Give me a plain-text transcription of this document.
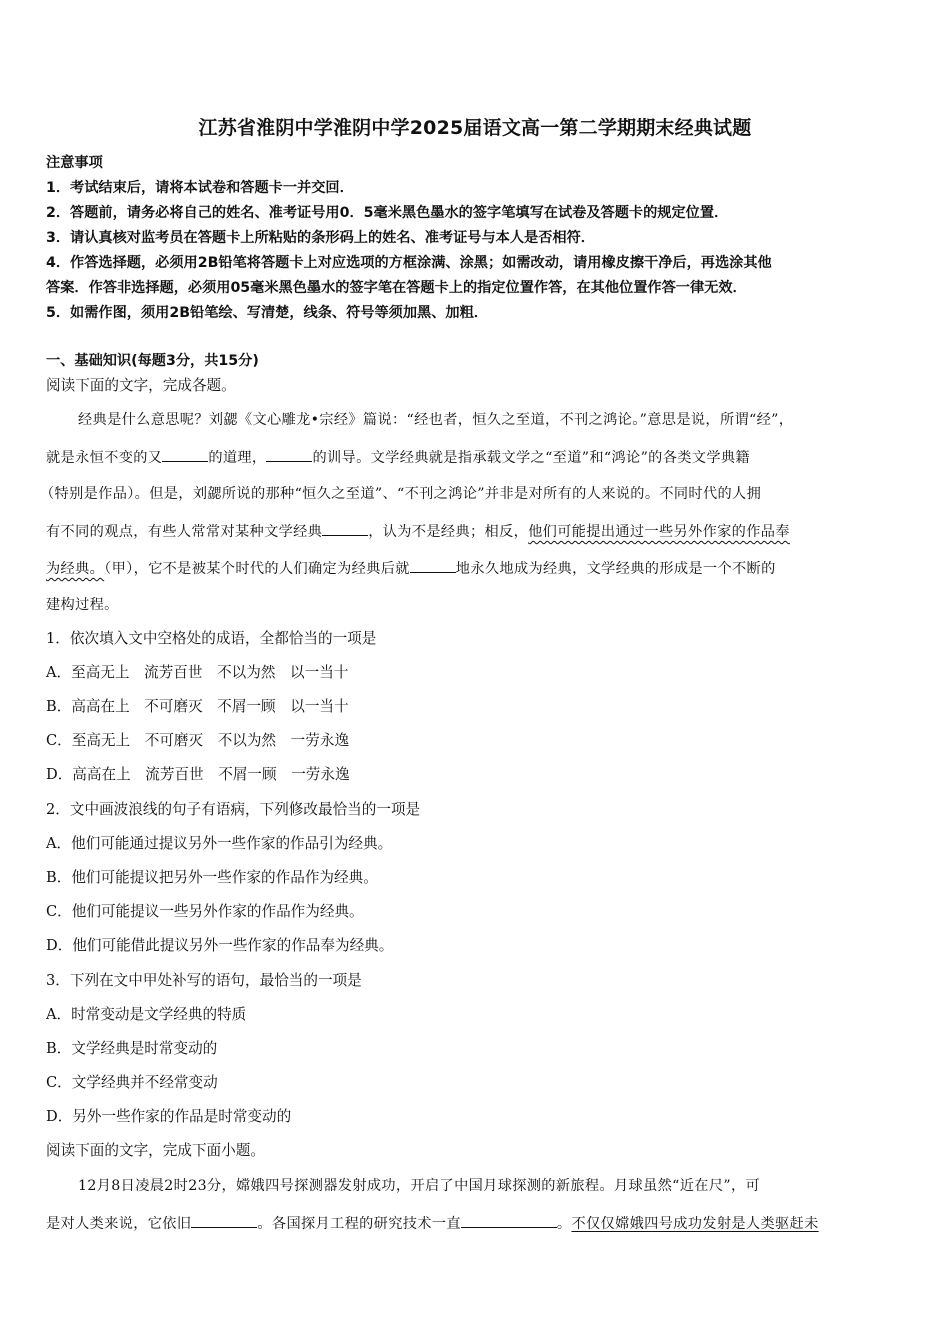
江苏省淮阴中学淮阴中学2025届语文高一第二学期期末经典试题
注意事项
1．考试结束后，请将本试卷和答题卡一并交回．
2．答题前，请务必将自己的姓名、准考证号用0．5毫米黑色墨水的签字笔填写在试卷及答题卡的规定位置．
3．请认真核对监考员在答题卡上所粘贴的条形码上的姓名、准考证号与本人是否相符．
4．作答选择题，必须用2B铅笔将答题卡上对应选项的方框涂满、涂黑；如需改动，请用橡皮擦干净后，再选涂其他
答案．作答非选择题，必须用05毫米黑色墨水的签字笔在答题卡上的指定位置作答，在其他位置作答一律无效．
5．如需作图，须用2B铅笔绘、写清楚，线条、符号等须加黑、加粗．
一、基础知识(每题3分，共15分)
阅读下面的文字，完成各题。
经典是什么意思呢？刘勰《文心雕龙•宗经》篇说：“经也者，恒久之至道，不刊之鸿论。”意思是说，所谓“经”，
就是永恒不变的又	的道理，	的训导。文学经典就是指承载文学之“至道”和“鸿论”的各类文学典籍
（特别是作品）。但是，刘勰所说的那种“恒久之至道”、“不刊之鸿论”并非是对所有的人来说的。不同时代的人拥
有不同的观点，有些人常常对某种文学经典	，认为不是经典；相反，他们可能提出通过一些另外作家的作品奉
为经典。（甲），它不是被某个时代的人们确定为经典后就	地永久地成为经典，文学经典的形成是一个不断的
建构过程。
1．依次填入文中空格处的成语，全都恰当的一项是
A．至高无上　流芳百世　不以为然　以一当十
B．高高在上　不可磨灭　不屑一顾　以一当十
C．至高无上　不可磨灭　不以为然　一劳永逸
D．高高在上　流芳百世　不屑一顾　一劳永逸
2．文中画波浪线的句子有语病，下列修改最恰当的一项是
A．他们可能通过提议另外一些作家的作品引为经典。
B．他们可能提议把另外一些作家的作品作为经典。
C．他们可能提议一些另外作家的作品作为经典。
D．他们可能借此提议另外一些作家的作品奉为经典。
3．下列在文中甲处补写的语句，最恰当的一项是
A．时常变动是文学经典的特质
B．文学经典是时常变动的
C．文学经典并不经常变动
D．另外一些作家的作品是时常变动的
阅读下面的文字，完成下面小题。
12月8日凌晨2时23分，嫦娥四号探测器发射成功，开启了中国月球探测的新旅程。月球虽然“近在尺”，可
是对人类来说，它依旧	。各国探月工程的研究技术一直	。不仅仅嫦娥四号成功发射是人类驱赶未
